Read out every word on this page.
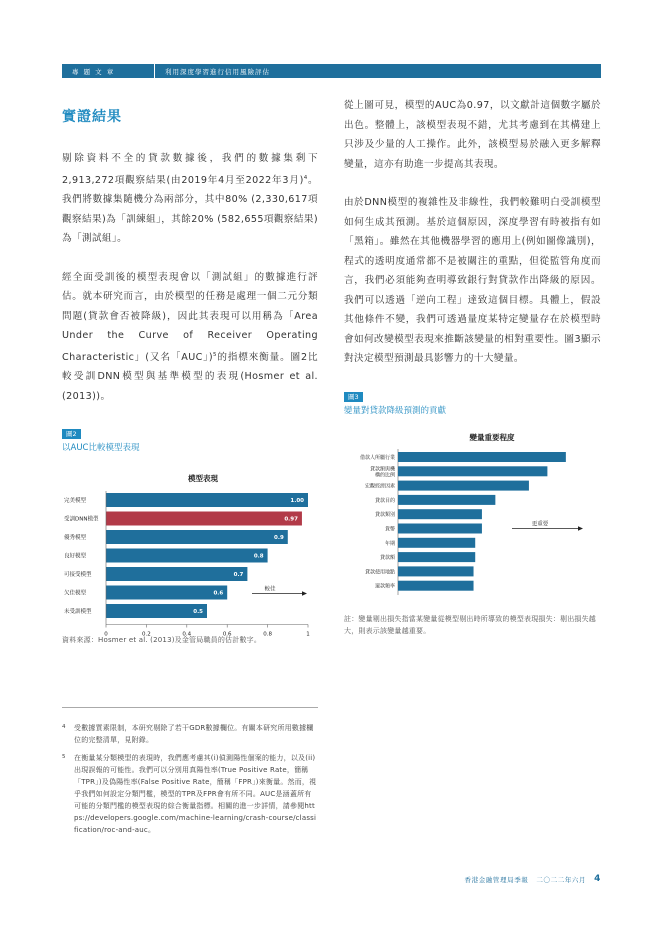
專 題 文 章	利用深度學習進行信用風險評估
實證結果

剔除資料不全的貸款數據後，我們的數據集剩下2,913,272項觀察結果(由2019年4月至2022年3月)$^4$。我們將數據集隨機分為兩部分，其中80% (2,330,617項觀察結果)為「訓練組」，其餘20% (582,655項觀察結果)為「測試組」。

經全面受訓後的模型表現會以「測試組」的數據進行評估。就本研究而言，由於模型的任務是處理一個二元分類問題(貸款會否被降級)，因此其表現可以用稱為「Area Under the Curve of Receiver Operating Characteristic」(又名「AUC」)$^5$的指標來衡量。圖2比較受訓DNN模型與基準模型的表現(Hosmer et al. (2013))。

圖2
以AUC比較模型表現
模型表現
1.00
完美模型
0.97
受訓DNN模型
0.9
優秀模型
0.8
良好模型
0.7
可接受模型
0.6
欠佳模型
0.5
未受訓模型
0	0.2	0.4	0.6	0.8	1
較佳
資料來源：Hosmer et al. (2013)及金管局職員的估計數字。

從上圖可見，模型的AUC為0.97，以文獻計這個數字屬於出色。整體上，該模型表現不錯，尤其考慮到在其構建上只涉及少量的人工操作。此外，該模型易於融入更多解釋變量，這亦有助進一步提高其表現。

由於DNN模型的複雜性及非線性，我們較難明白受訓模型如何生成其預測。基於這個原因，深度學習有時被指有如「黑箱」。雖然在其他機器學習的應用上(例如圖像識別)，程式的透明度通常都不是被關注的重點，但從監管角度而言，我們必須能夠查明導致銀行對貸款作出降級的原因。我們可以透過「逆向工程」達致這個目標。具體上，假設其他條件不變，我們可透過量度某特定變量存在於模型時會如何改變模型表現來推斷該變量的相對重要性。圖3顯示對決定模型預測最具影響力的十大變量。

圖3
變量對貸款降級預測的貢獻
變量重要程度
借款人所屬行業
貸款額與機
構的比例
宏觀經濟因素
貸款目的
貸款類別
貨幣
年期
貸款額
貸款使用地點
還款頻率
更重要
註：變量剔出損失指當某變量從模型剔出時所導致的模型表現損失：剔出損失越大，則表示該變量越重要。
4	受數據質素限制，本研究剔除了若干GDR數據欄位。有關本研究所用數據欄位的完整清單，見附錄。
5	在衡量某分類模型的表現時，我們應考慮其(i)偵測陽性個案的能力，以及(ii)出現誤報的可能性。我們可以分別用真陽性率(True Positive Rate，簡稱「TPR」)及偽陽性率(False Positive Rate，簡稱「FPR」)來衡量。然而，視乎我們如何設定分類門檻，模型的TPR及FPR會有所不同。AUC是涵蓋所有可能的分類門檻的模型表現的綜合衡量指標。相關的進一步詳情，請參閱https://developers.google.com/machine-learning/crash-course/classification/roc-and-auc。
香港金融管理局季報 二〇二二年六月 4
